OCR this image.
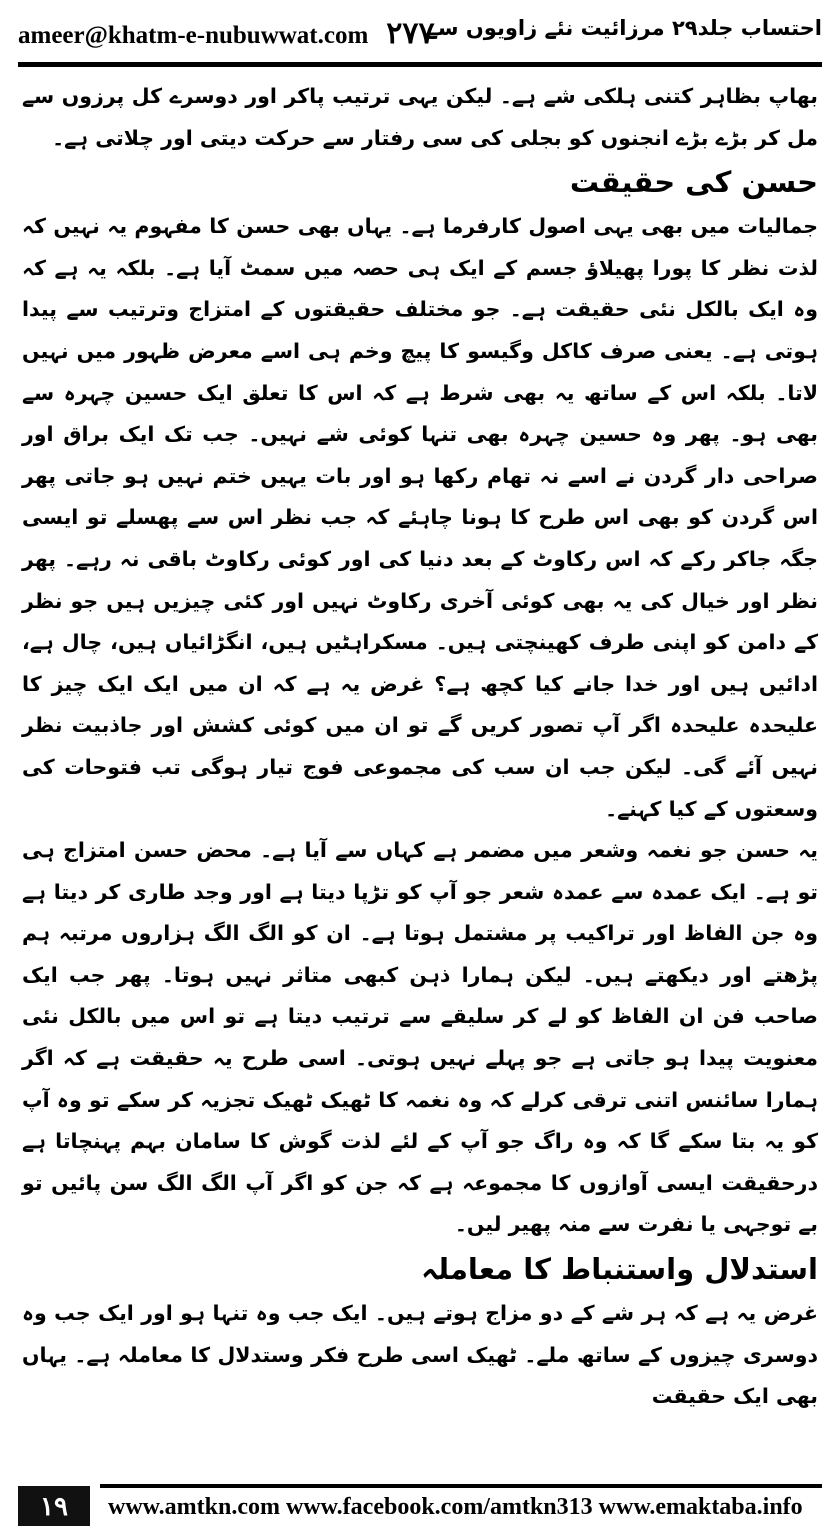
ameer@khatm-e-nubuwwat.com ۲۷۷
احتساب جلد۲۹ مرزائیت نئے زاویوں سے

بھاپ بظاہر کتنی ہلکی شے ہے۔ لیکن یہی ترتیب پاکر اور دوسرے کل پرزوں سے مل کر بڑے بڑے انجنوں کو بجلی کی سی رفتار سے حرکت دیتی اور چلاتی ہے۔

حسن کی حقیقت

جمالیات میں بھی یہی اصول کارفرما ہے۔ یہاں بھی حسن کا مفہوم یہ نہیں کہ لذت نظر کا پورا پھیلاؤ جسم کے ایک ہی حصہ میں سمٹ آیا ہے۔ بلکہ یہ ہے کہ وہ ایک بالکل نئی حقیقت ہے۔ جو مختلف حقیقتوں کے امتزاج وترتیب سے پیدا ہوتی ہے۔ یعنی صرف کاکل وگیسو کا پیچ وخم ہی اسے معرض ظہور میں نہیں لاتا۔ بلکہ اس کے ساتھ یہ بھی شرط ہے کہ اس کا تعلق ایک حسین چہرہ سے بھی ہو۔ پھر وہ حسین چہرہ بھی تنہا کوئی شے نہیں۔ جب تک ایک براق اور صراحی دار گردن نے اسے نہ تھام رکھا ہو اور بات یہیں ختم نہیں ہو جاتی پھر اس گردن کو بھی اس طرح کا ہونا چاہئے کہ جب نظر اس سے پھسلے تو ایسی جگہ جاکر رکے کہ اس رکاوٹ کے بعد دنیا کی اور کوئی رکاوٹ باقی نہ رہے۔ پھر نظر اور خیال کی یہ بھی کوئی آخری رکاوٹ نہیں اور کئی چیزیں ہیں جو نظر کے دامن کو اپنی طرف کھینچتی ہیں۔ مسکراہٹیں ہیں، انگڑائیاں ہیں، چال ہے، ادائیں ہیں اور خدا جانے کیا کچھ ہے؟ غرض یہ ہے کہ ان میں ایک ایک چیز کا علیحدہ علیحدہ اگر آپ تصور کریں گے تو ان میں کوئی کشش اور جاذبیت نظر نہیں آئے گی۔ لیکن جب ان سب کی مجموعی فوج تیار ہوگی تب فتوحات کی وسعتوں کے کیا کہنے۔

یہ حسن جو نغمہ وشعر میں مضمر ہے کہاں سے آیا ہے۔ محض حسن امتزاج ہی تو ہے۔ ایک عمدہ سے عمدہ شعر جو آپ کو تڑپا دیتا ہے اور وجد طاری کر دیتا ہے وہ جن الفاظ اور تراکیب پر مشتمل ہوتا ہے۔ ان کو الگ الگ ہزاروں مرتبہ ہم پڑھتے اور دیکھتے ہیں۔ لیکن ہمارا ذہن کبھی متاثر نہیں ہوتا۔ پھر جب ایک صاحب فن ان الفاظ کو لے کر سلیقے سے ترتیب دیتا ہے تو اس میں بالکل نئی معنویت پیدا ہو جاتی ہے جو پہلے نہیں ہوتی۔ اسی طرح یہ حقیقت ہے کہ اگر ہمارا سائنس اتنی ترقی کرلے کہ وہ نغمہ کا ٹھیک ٹھیک تجزیہ کر سکے تو وہ آپ کو یہ بتا سکے گا کہ وہ راگ جو آپ کے لئے لذت گوش کا سامان بہم پہنچاتا ہے درحقیقت ایسی آوازوں کا مجموعہ ہے کہ جن کو اگر آپ الگ الگ سن پائیں تو بے توجہی یا نفرت سے منہ پھیر لیں۔

استدلال واستنباط کا معاملہ

غرض یہ ہے کہ ہر شے کے دو مزاج ہوتے ہیں۔ ایک جب وہ تنہا ہو اور ایک جب وہ دوسری چیزوں کے ساتھ ملے۔ ٹھیک اسی طرح فکر وستدلال کا معاملہ ہے۔ یہاں بھی ایک حقیقت

۱۹	www.amtkn.com www.facebook.com/amtkn313 www.emaktaba.info
